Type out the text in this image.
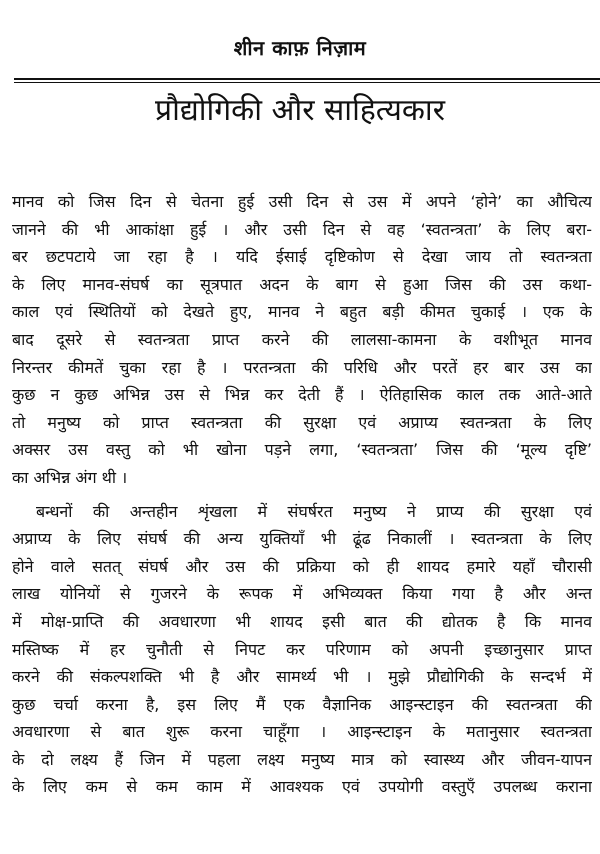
शीन काफ़ निज़ाम
प्रौद्योगिकी और साहित्यकार
मानव को जिस दिन से चेतना हुई उसी दिन से उस में अपने ‘होने’ का औचित्य
जानने की भी आकांक्षा हुई । और उसी दिन से वह ‘स्वतन्त्रता’ के लिए बरा-
बर छटपटाये जा रहा है । यदि ईसाई दृष्टिकोण से देखा जाय तो स्वतन्त्रता
के लिए मानव-संघर्ष का सूत्रपात अदन के बाग से हुआ जिस की उस कथा-
काल एवं स्थितियों को देखते हुए, मानव ने बहुत बड़ी कीमत चुकाई । एक के
बाद दूसरे से स्वतन्त्रता प्राप्त करने की लालसा-कामना के वशीभूत मानव
निरन्तर कीमतें चुका रहा है । परतन्त्रता की परिधि और परतें हर बार उस का
कुछ न कुछ अभिन्न उस से भिन्न कर देती हैं । ऐतिहासिक काल तक आते-आते
तो मनुष्य को प्राप्त स्वतन्त्रता की सुरक्षा एवं अप्राप्य स्वतन्त्रता के लिए
अक्सर उस वस्तु को भी खोना पड़ने लगा, ‘स्वतन्त्रता’ जिस की ‘मूल्य दृष्टि’
का अभिन्न अंग थी ।
बन्धनों की अन्तहीन शृंखला में संघर्षरत मनुष्य ने प्राप्य की सुरक्षा एवं
अप्राप्य के लिए संघर्ष की अन्य युक्तियाँ भी ढूंढ निकालीं । स्वतन्त्रता के लिए
होने वाले सतत् संघर्ष और उस की प्रक्रिया को ही शायद हमारे यहाँ चौरासी
लाख योनियों से गुजरने के रूपक में अभिव्यक्त किया गया है और अन्त
में मोक्ष-प्राप्ति की अवधारणा भी शायद इसी बात की द्योतक है कि मानव
मस्तिष्क में हर चुनौती से निपट कर परिणाम को अपनी इच्छानुसार प्राप्त
करने की संकल्पशक्ति भी है और सामर्थ्य भी । मुझे प्रौद्योगिकी के सन्दर्भ में
कुछ चर्चा करना है, इस लिए मैं एक वैज्ञानिक आइन्स्टाइन की स्वतन्त्रता की
अवधारणा से बात शुरू करना चाहूँगा । आइन्स्टाइन के मतानुसार स्वतन्त्रता
के दो लक्ष्य हैं जिन में पहला लक्ष्य मनुष्य मात्र को स्वास्थ्य और जीवन-यापन
के लिए कम से कम काम में आवश्यक एवं उपयोगी वस्तुएँ उपलब्ध कराना
